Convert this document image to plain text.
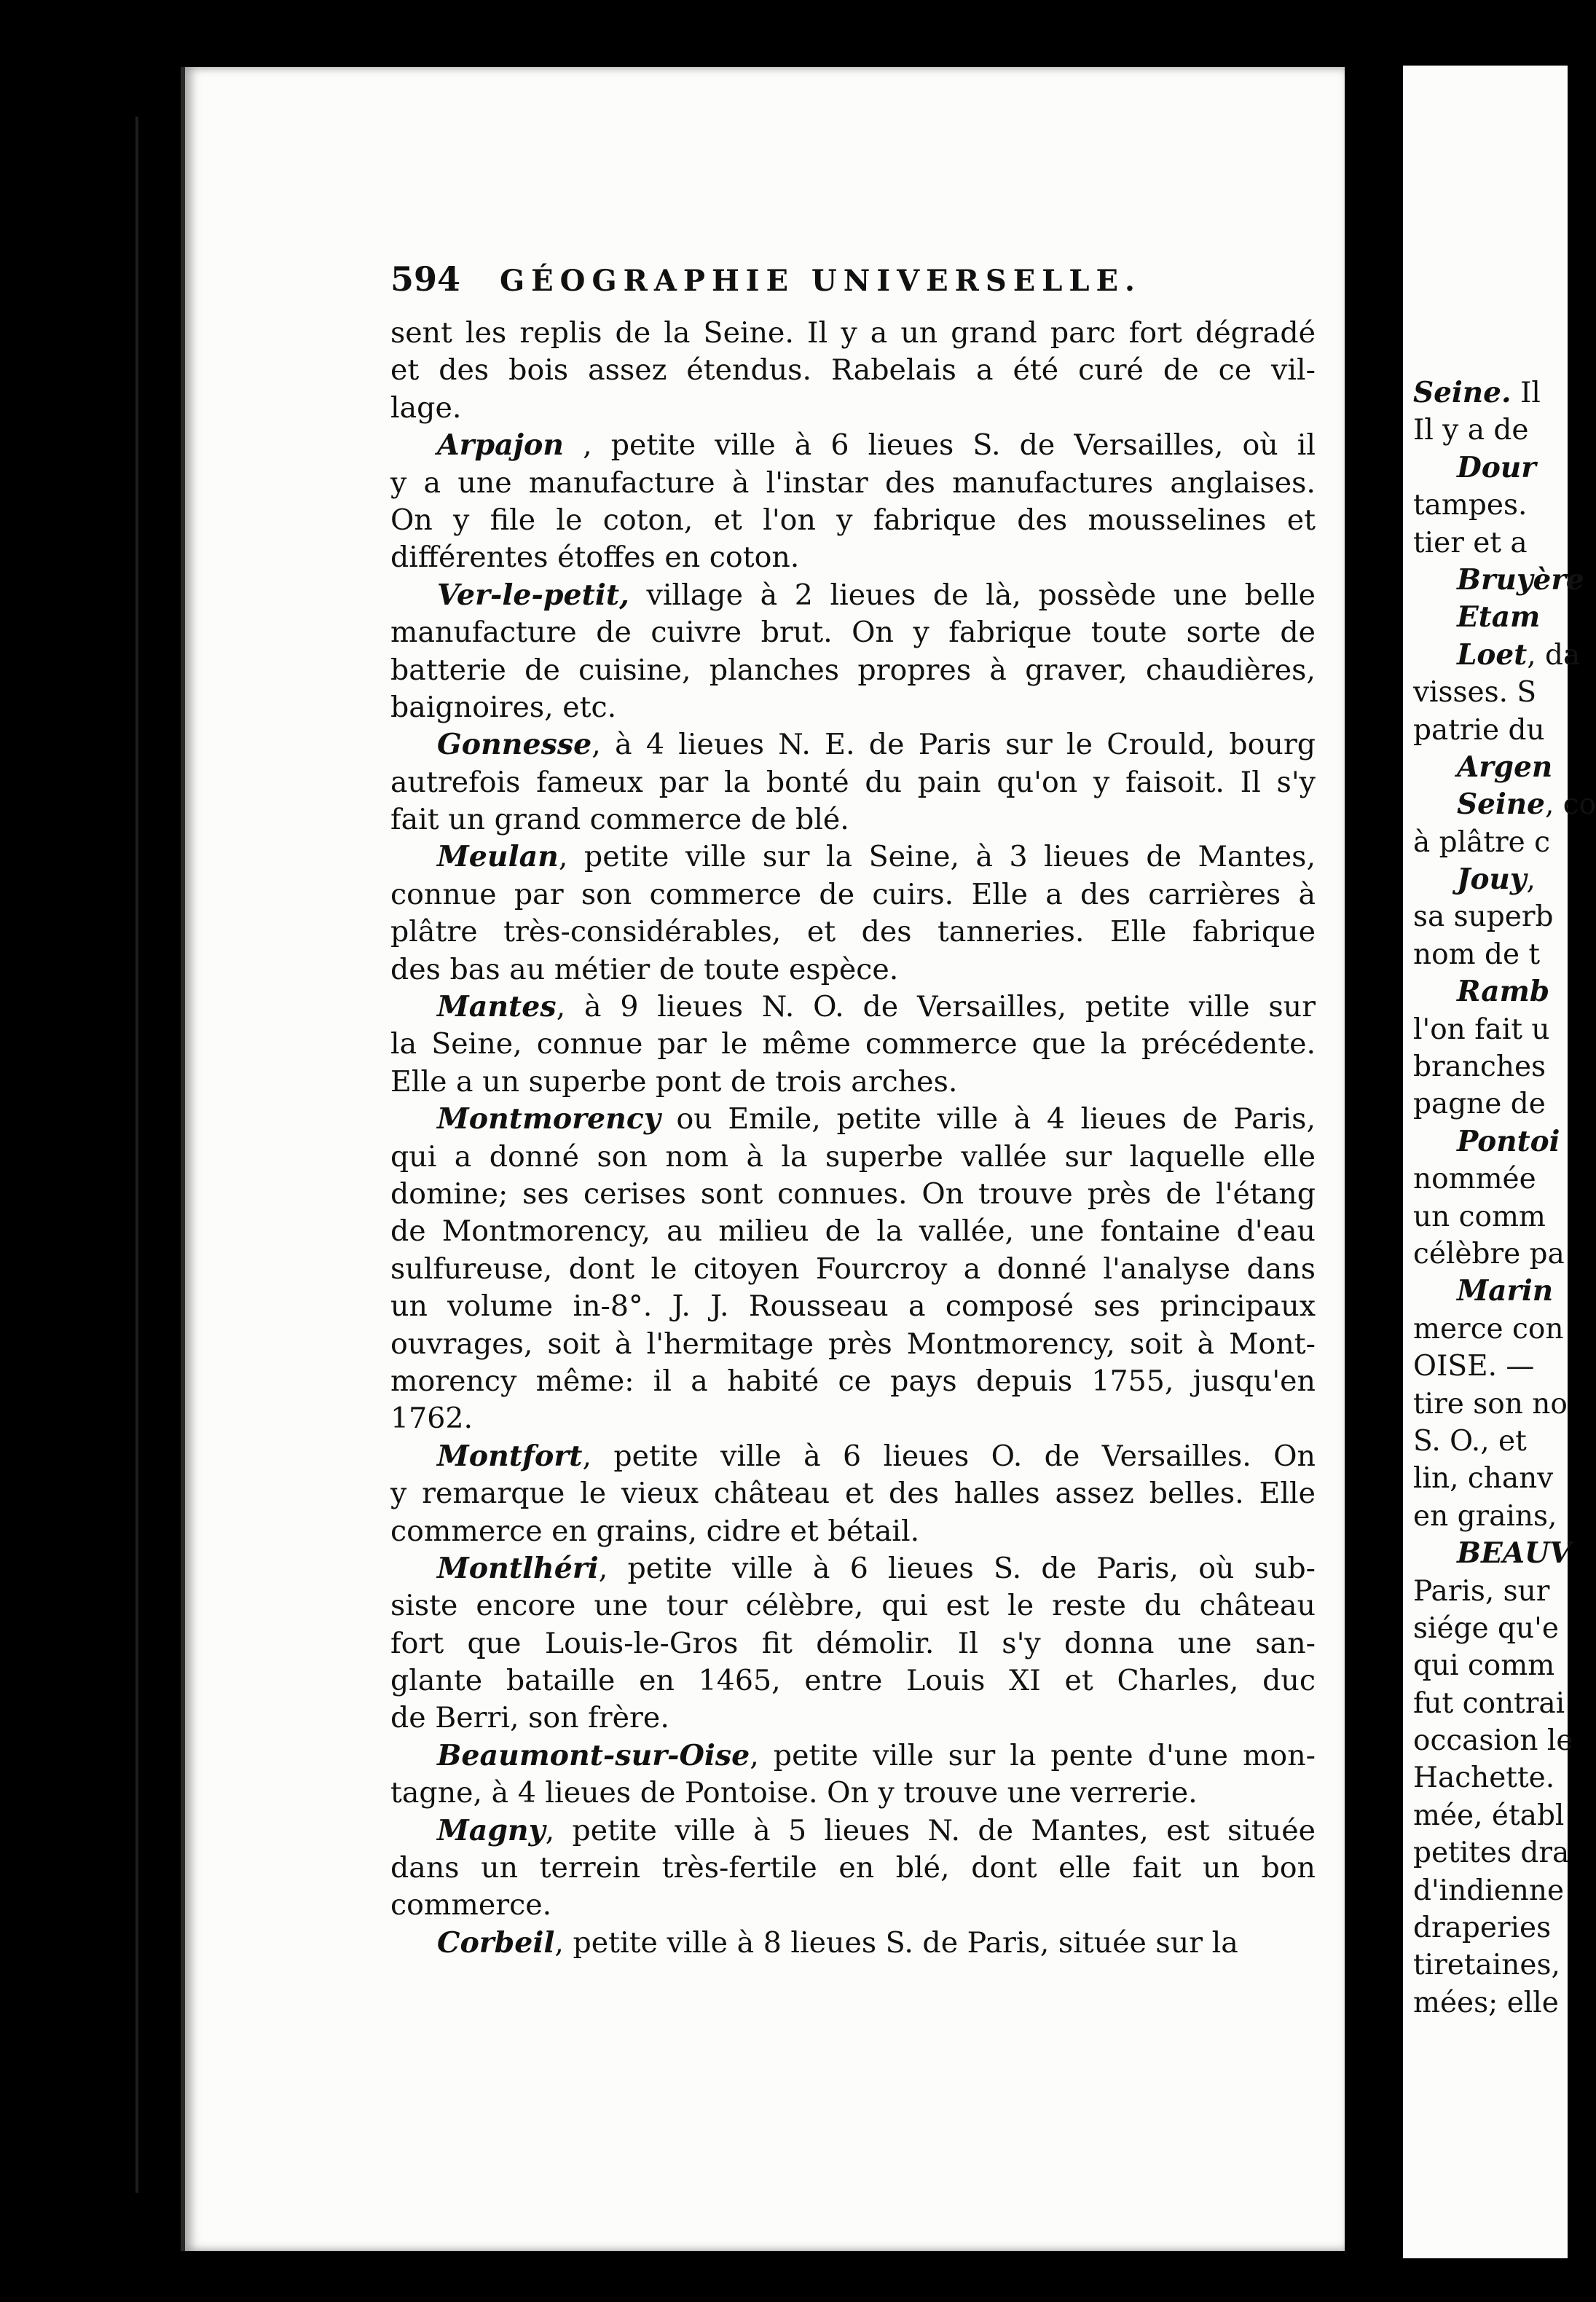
Seine. Il
Il y a de
Dour
tampes.
tier et a
Bruyère
Etam
Loet, da
visses. S
patrie du
Argen
Seine, co
à plâtre c
Jouy,
sa superb
nom de t
Ramb
l'on fait u
branches
pagne de
Pontoi
nommée
un comm
célèbre pa
Marin
merce con
OISE. —
tire son no
S. O., et
lin, chanv
en grains,
BEAUV
Paris, sur
siége qu'e
qui comm
fut contrai
occasion le
Hachette.
mée, établ
petites dra
d'indienne
draperies
tiretaines,
mées; elle
594	GÉOGRAPHIE UNIVERSELLE.
sent les replis de la Seine. Il y a un grand parc fort dégradé
et des bois assez étendus. Rabelais a été curé de ce vil-
lage.
Arpajon , petite ville à 6 lieues S. de Versailles, où il
y a une manufacture à l'instar des manufactures anglaises.
On y file le coton, et l'on y fabrique des mousselines et
différentes étoffes en coton.
Ver-le-petit, village à 2 lieues de là, possède une belle
manufacture de cuivre brut. On y fabrique toute sorte de
batterie de cuisine, planches propres à graver, chaudières,
baignoires, etc.
Gonnesse, à 4 lieues N. E. de Paris sur le Crould, bourg
autrefois fameux par la bonté du pain qu'on y faisoit. Il s'y
fait un grand commerce de blé.
Meulan, petite ville sur la Seine, à 3 lieues de Mantes,
connue par son commerce de cuirs. Elle a des carrières à
plâtre très-considérables, et des tanneries. Elle fabrique
des bas au métier de toute espèce.
Mantes, à 9 lieues N. O. de Versailles, petite ville sur
la Seine, connue par le même commerce que la précédente.
Elle a un superbe pont de trois arches.
Montmorency ou Emile, petite ville à 4 lieues de Paris,
qui a donné son nom à la superbe vallée sur laquelle elle
domine; ses cerises sont connues. On trouve près de l'étang
de Montmorency, au milieu de la vallée, une fontaine d'eau
sulfureuse, dont le citoyen Fourcroy a donné l'analyse dans
un volume in-8°. J. J. Rousseau a composé ses principaux
ouvrages, soit à l'hermitage près Montmorency, soit à Mont-
morency même: il a habité ce pays depuis 1755, jusqu'en
1762.
Montfort, petite ville à 6 lieues O. de Versailles. On
y remarque le vieux château et des halles assez belles. Elle
commerce en grains, cidre et bétail.
Montlhéri, petite ville à 6 lieues S. de Paris, où sub-
siste encore une tour célèbre, qui est le reste du château
fort que Louis-le-Gros fit démolir. Il s'y donna une san-
glante bataille en 1465, entre Louis XI et Charles, duc
de Berri, son frère.
Beaumont-sur-Oise, petite ville sur la pente d'une mon-
tagne, à 4 lieues de Pontoise. On y trouve une verrerie.
Magny, petite ville à 5 lieues N. de Mantes, est située
dans un terrein très-fertile en blé, dont elle fait un bon
commerce.
Corbeil, petite ville à 8 lieues S. de Paris, située sur la
